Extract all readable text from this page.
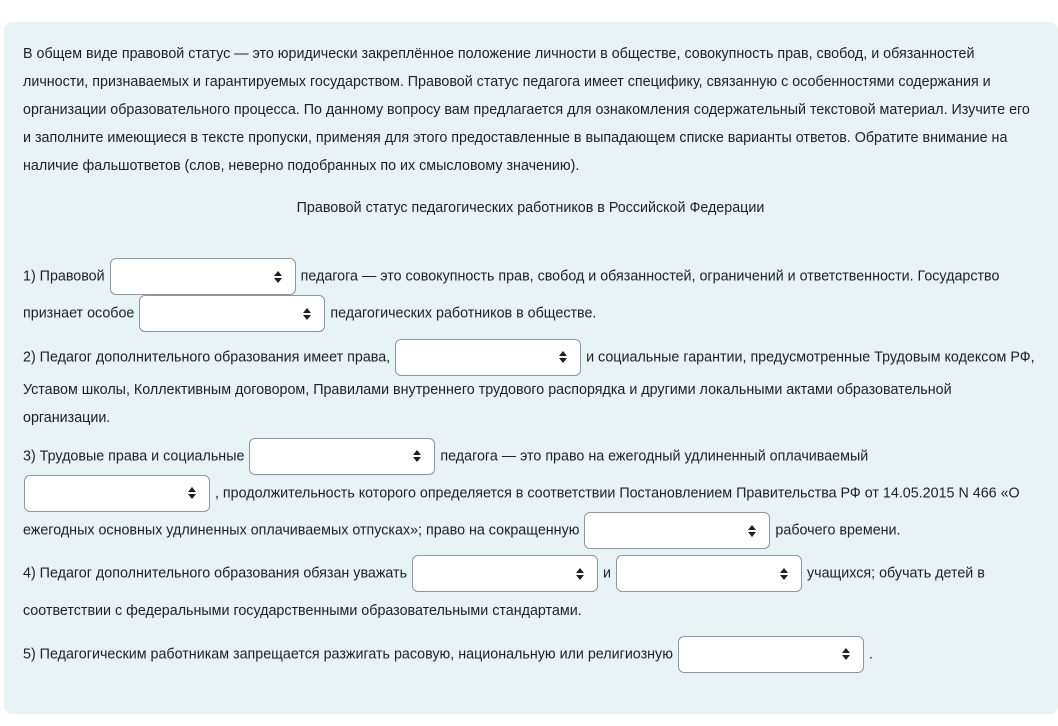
В общем виде правовой статус — это юридически закреплённое положение личности в обществе, совокупность прав, свобод, и обязанностей личности, признаваемых и гарантируемых государством. Правовой статус педагога имеет специфику, связанную с особенностями содержания и организации образовательного процесса. По данному вопросу вам предлагается для ознакомления содержательный текстовой материал. Изучите его и заполните имеющиеся в тексте пропуски, применяя для этого предоставленные в выпадающем списке варианты ответов. Обратите внимание на наличие фальшответов (слов, неверно подобранных по их смысловому значению).

Правовой статус педагогических работников в Российской Федерации

1) Правовой	педагога — это совокупность прав, свобод и обязанностей, ограничений и ответственности. Государство признает особое	педагогических работников в обществе.

2) Педагог дополнительного образования имеет права,	и социальные гарантии, предусмотренные Трудовым кодексом РФ, Уставом школы, Коллективным договором, Правилами внутреннего трудового распорядка и другими локальными актами образовательной организации.

3) Трудовые права и социальные	педагога — это право на ежегодный удлиненный оплачиваемый
, продолжительность которого определяется в соответствии Постановлением Правительства РФ от 14.05.2015 N 466 «О ежегодных основных удлиненных оплачиваемых отпусках»; право на сокращенную	рабочего времени.

4) Педагог дополнительного образования обязан уважать	и	учащихся; обучать детей в соответствии с федеральными государственными образовательными стандартами.

5) Педагогическим работникам запрещается разжигать расовую, национальную или религиозную	.
